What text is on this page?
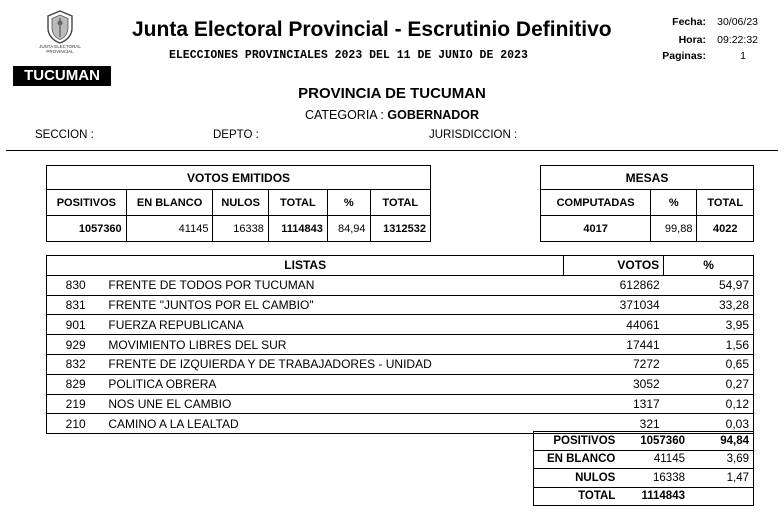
JUNTA ELECTORAL
PROVINCIAL
Junta Electoral Provincial - Escrutinio Definitivo
ELECCIONES PROVINCIALES 2023 DEL 11 DE JUNIO DE 2023
Fecha:	30/06/23
Hora:	09:22:32
Paginas:	1
TUCUMAN
PROVINCIA DE TUCUMAN
CATEGORIA : GOBERNADOR
SECCION :	DEPTO :	JURISDICCION :
VOTOS EMITIDOS					
POSITIVOS	EN BLANCO	NULOS	TOTAL	%	TOTAL
1057360	41145	16338	1114843	84,94	1312532
MESAS		
COMPUTADAS	%	TOTAL
4017	99,88	4022
LISTAS		VOTOS	%
830	FRENTE DE TODOS POR TUCUMAN	612862	54,97
831	FRENTE "JUNTOS POR EL CAMBIO"	371034	33,28
901	FUERZA REPUBLICANA	44061	3,95
929	MOVIMIENTO LIBRES DEL SUR	17441	1,56
832	FRENTE DE IZQUIERDA Y DE TRABAJADORES - UNIDAD	7272	0,65
829	POLITICA OBRERA	3052	0,27
219	NOS UNE EL CAMBIO	1317	0,12
210	CAMINO A LA LEALTAD	321	0,03
POSITIVOS	1057360	94,84
EN BLANCO	41145	3,69
NULOS	16338	1,47
TOTAL	1114843	
